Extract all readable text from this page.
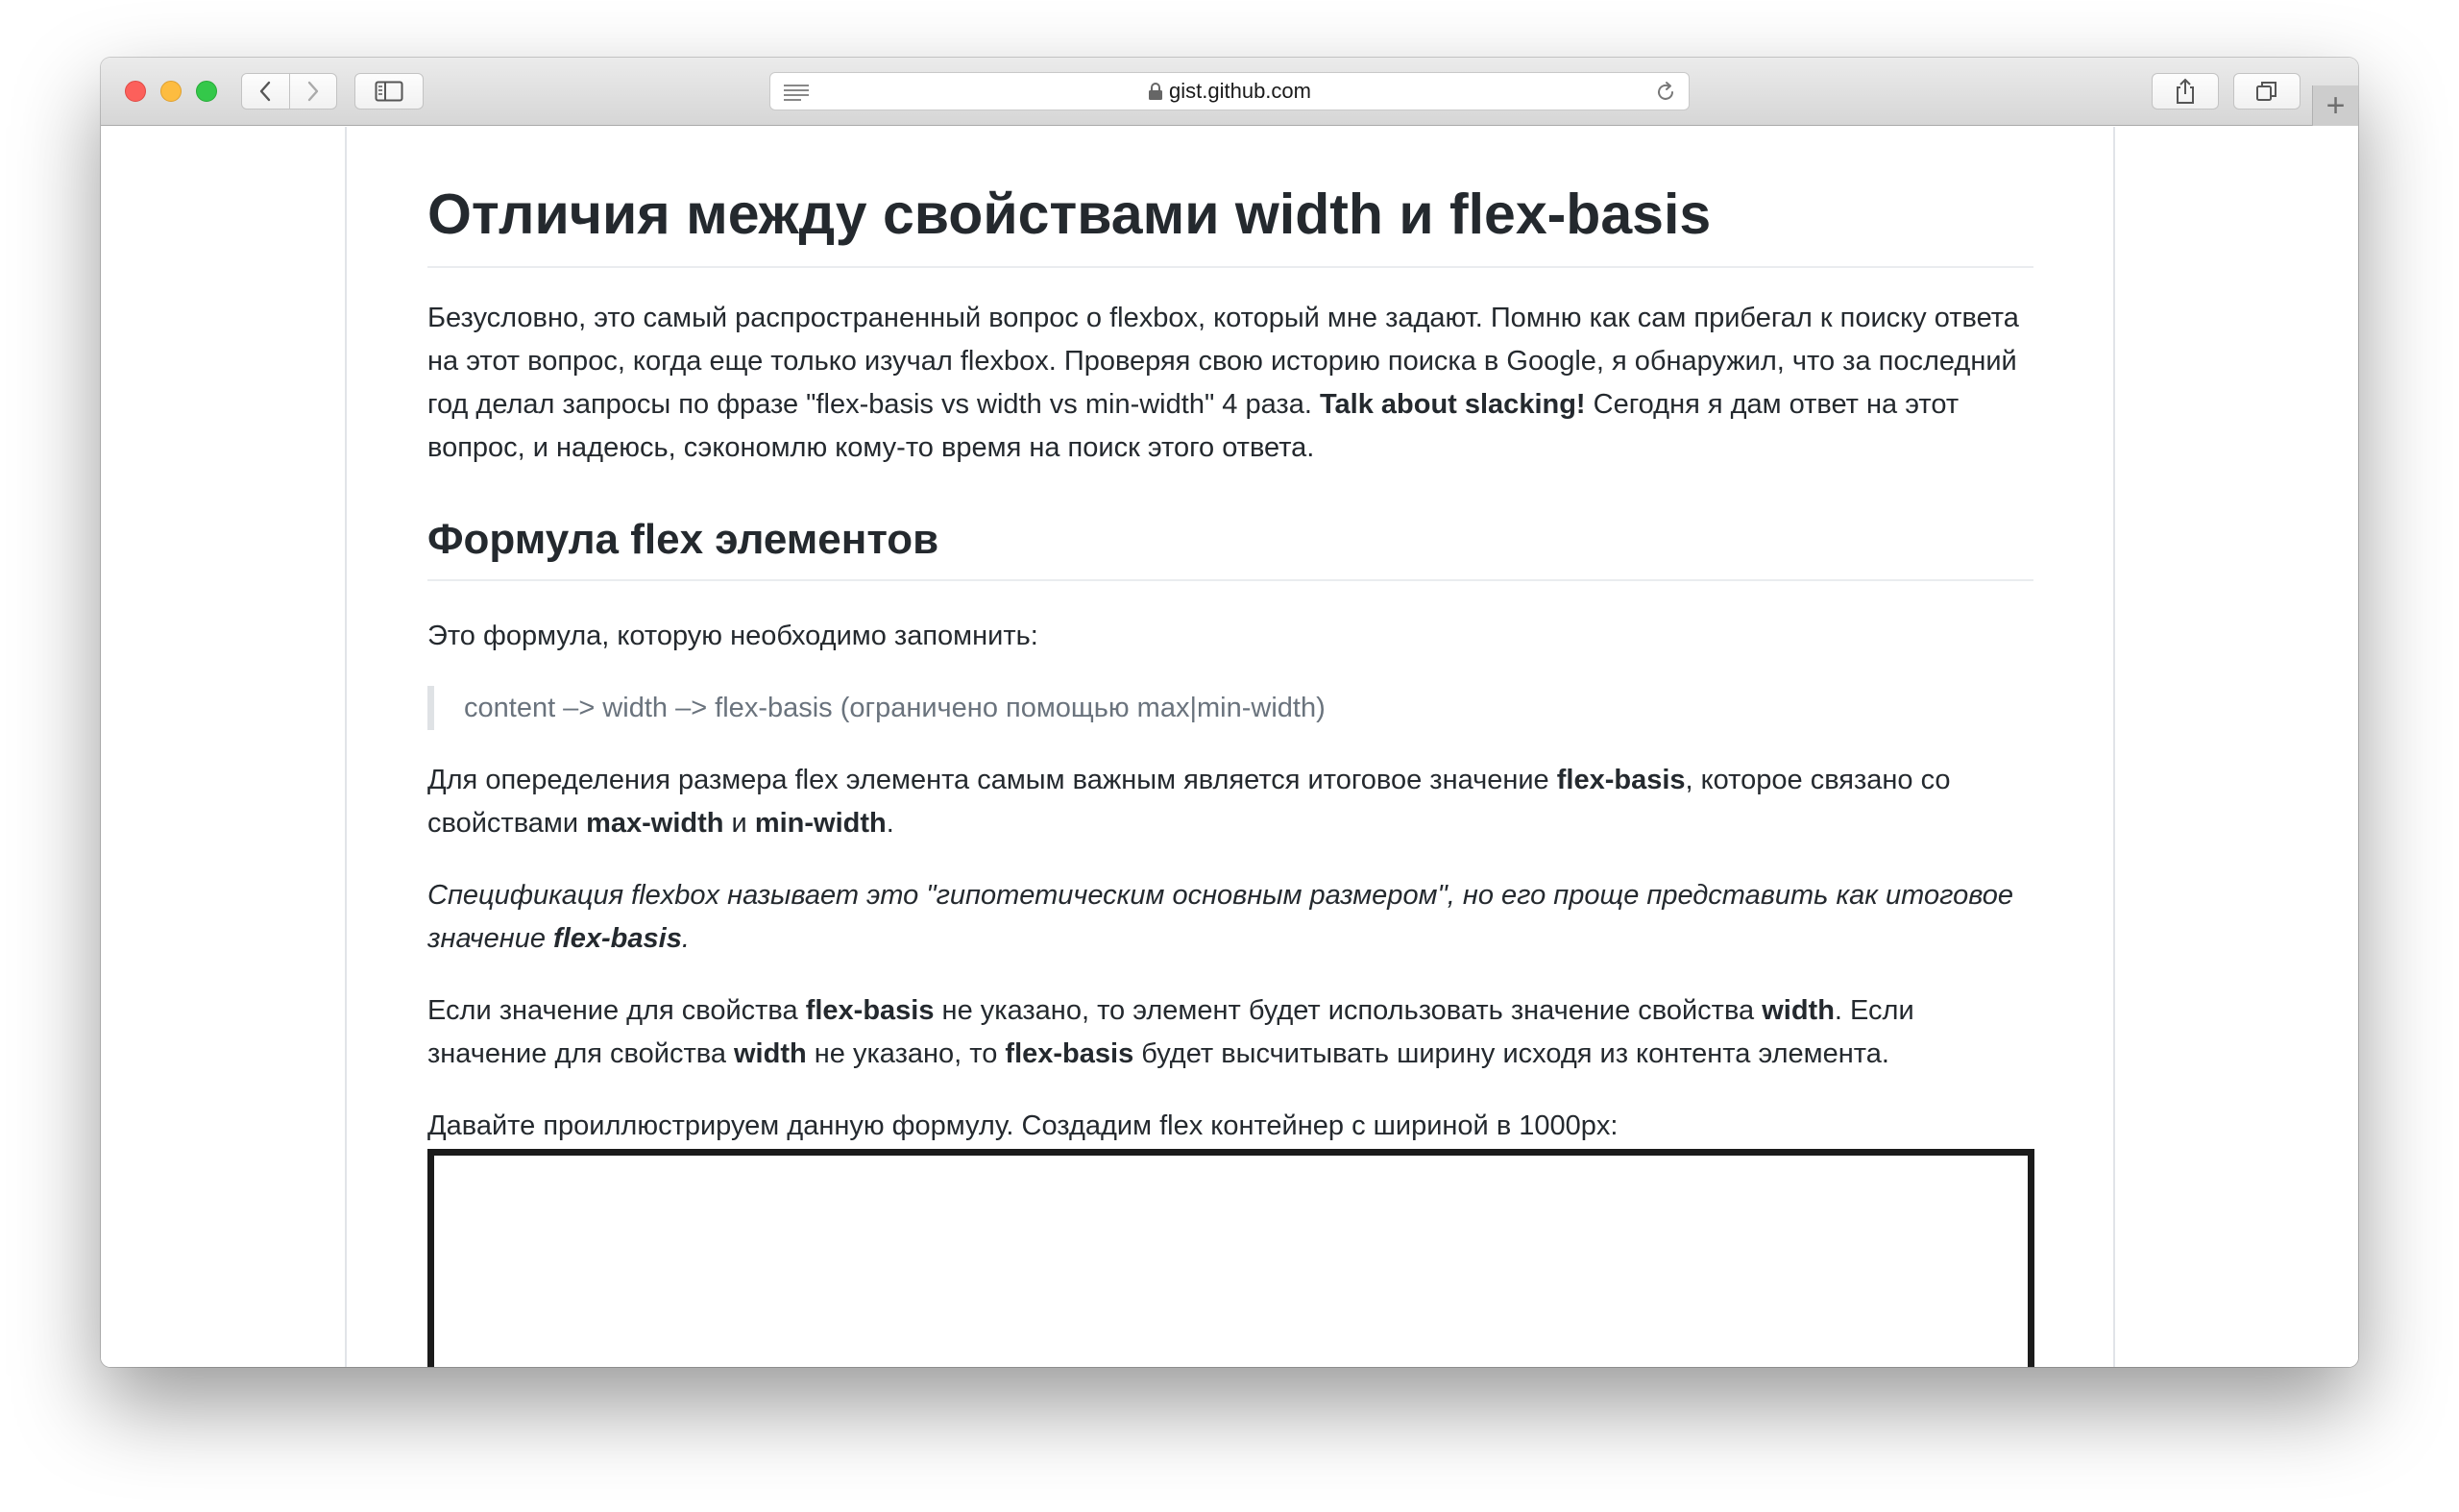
gist.github.com	+
Отличия между свойствами width и flex-basis

Безусловно, это самый распространенный вопрос о flexbox, который мне задают. Помню как сам прибегал к поиску ответа на этот вопрос, когда еще только изучал flexbox. Проверяя свою историю поиска в Google, я обнаружил, что за последний год делал запросы по фразе "flex-basis vs width vs min-width" 4 раза. Talk about slacking! Сегодня я дам ответ на этот вопрос, и надеюсь, сэкономлю кому-то время на поиск этого ответа.

Формула flex элементов

Это формула, которую необходимо запомнить:

content –> width –> flex-basis (ограничено помощью max|min-width)

Для опеределения размера flex элемента самым важным является итоговое значение flex-basis, которое связано со свойствами max-width и min-width.

Спецификация flexbox называет это "гипотетическим основным размером", но его проще представить как итоговое значение flex-basis.

Если значение для свойства flex-basis не указано, то элемент будет использовать значение свойства width. Если значение для свойства width не указано, то flex-basis будет высчитывать ширину исходя из контента элемента.

Давайте проиллюстрируем данную формулу. Создадим flex контейнер с шириной в 1000px:
